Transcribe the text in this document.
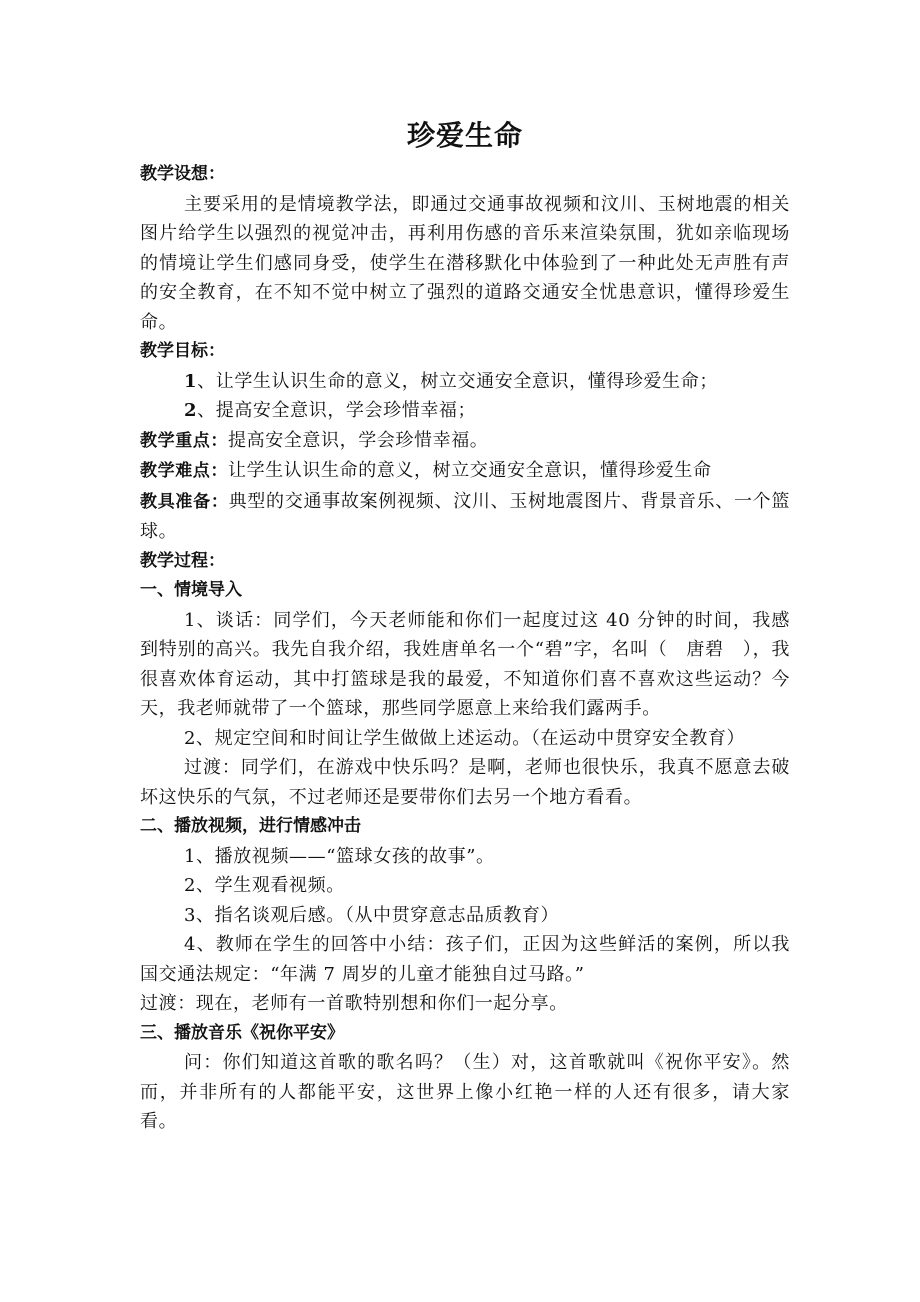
珍爱生命

教学设想：

主要采用的是情境教学法，即通过交通事故视频和汶川、玉树地震的相关图片给学生以强烈的视觉冲击，再利用伤感的音乐来渲染氛围，犹如亲临现场的情境让学生们感同身受，使学生在潜移默化中体验到了一种此处无声胜有声的安全教育，在不知不觉中树立了强烈的道路交通安全忧患意识，懂得珍爱生命。

教学目标：

1、让学生认识生命的意义，树立交通安全意识，懂得珍爱生命；

2、提高安全意识，学会珍惜幸福；

教学重点：提高安全意识，学会珍惜幸福。

教学难点：让学生认识生命的意义，树立交通安全意识，懂得珍爱生命

教具准备：典型的交通事故案例视频、汶川、玉树地震图片、背景音乐、一个篮球。

教学过程：

一、情境导入

1、谈话：同学们，今天老师能和你们一起度过这 40 分钟的时间，我感到特别的高兴。我先自我介绍，我姓唐单名一个“碧”字，名叫（　唐碧　），我很喜欢体育运动，其中打篮球是我的最爱，不知道你们喜不喜欢这些运动？今天，我老师就带了一个篮球，那些同学愿意上来给我们露两手。

2、规定空间和时间让学生做做上述运动。（在运动中贯穿安全教育）

过渡：同学们，在游戏中快乐吗？是啊，老师也很快乐，我真不愿意去破坏这快乐的气氛，不过老师还是要带你们去另一个地方看看。

二、播放视频，进行情感冲击

1、播放视频——“篮球女孩的故事”。

2、学生观看视频。

3、指名谈观后感。（从中贯穿意志品质教育）

4、教师在学生的回答中小结：孩子们，正因为这些鲜活的案例，所以我国交通法规定：“年满 7 周岁的儿童才能独自过马路。”

过渡：现在，老师有一首歌特别想和你们一起分享。

三、播放音乐《祝你平安》

问：你们知道这首歌的歌名吗？（生）对，这首歌就叫《祝你平安》。然而，并非所有的人都能平安，这世界上像小红艳一样的人还有很多，请大家看。
